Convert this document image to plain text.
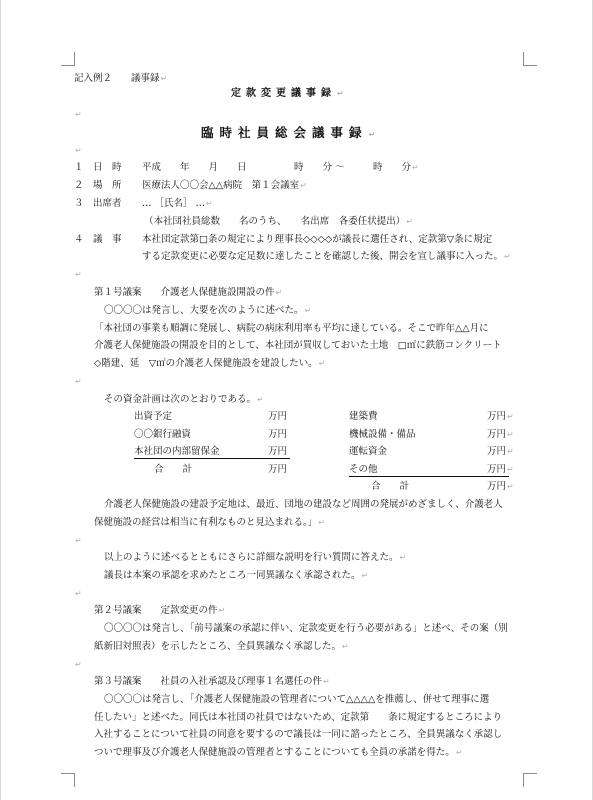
記入例２　　議事録↵
定款変更議事録↵
↵
臨時社員総会議事録↵
↵
１ 日　時 平成　　年　　月　　日　　　　　時　　分 ～　　　時　　分↵
２ 場　所 医療法人〇〇会△△病院　第１会議室↵
３ 出席者 … ［氏名］ …↵
（本社団社員総数　　名のうち、　　名出席　各委任状提出）↵
４ 議　事 本社団定款第□条の規定により理事長◇◇◇◇が議長に選任され、定款第▽条に規定
する定款変更に必要な定足数に達したことを確認した後、開会を宣し議事に入った。↵
↵
第１号議案　　介護老人保健施設開設の件↵
〇〇〇〇は発言し、大要を次のように述べた。↵
「本社団の事業も順調に発展し、病院の病床利用率も平均に達している。そこで昨年△△月に
介護老人保健施設の開設を目的として、本社団が買収しておいた土地　□㎡に鉄筋コンクリート
◇階建、延　▽㎡の介護老人保健施設を建設したい。↵
↵
その資金計画は次のとおりである。↵
出資予定	万円	建築費	万円↵
〇〇銀行融資	万円	機械設備・備品	万円↵
本社団の内部留保金	万円	運転資金	万円↵
合　　計	万円	その他	万円↵
合　　計	万円↵
介護老人保健施設の建設予定地は、最近、団地の建設など周囲の発展がめざましく、介護老人
保健施設の経営は相当に有利なものと見込まれる。」↵
↵
以上のように述べるとともにさらに詳細な説明を行い質問に答えた。↵
議長は本案の承認を求めたところ一同異議なく承認された。↵
↵
第２号議案　　定款変更の件↵
〇〇〇〇は発言し、「前号議案の承認に伴い、定款変更を行う必要がある」と述べ、その案（別
紙新旧対照表）を示したところ、全員異議なく承認した。↵
↵
第３号議案　　社員の入社承認及び理事１名選任の件↵
〇〇〇〇は発言し、「介護老人保健施設の管理者について△△△△を推薦し、併せて理事に選
任したい」と述べた。同氏は本社団の社員ではないため、定款第　　条に規定するところにより
入社することについて社員の同意を要するので議長は一同に諮ったところ、全員異議なく承認し
ついで理事及び介護老人保健施設の管理者とすることについても全員の承諾を得た。↵
